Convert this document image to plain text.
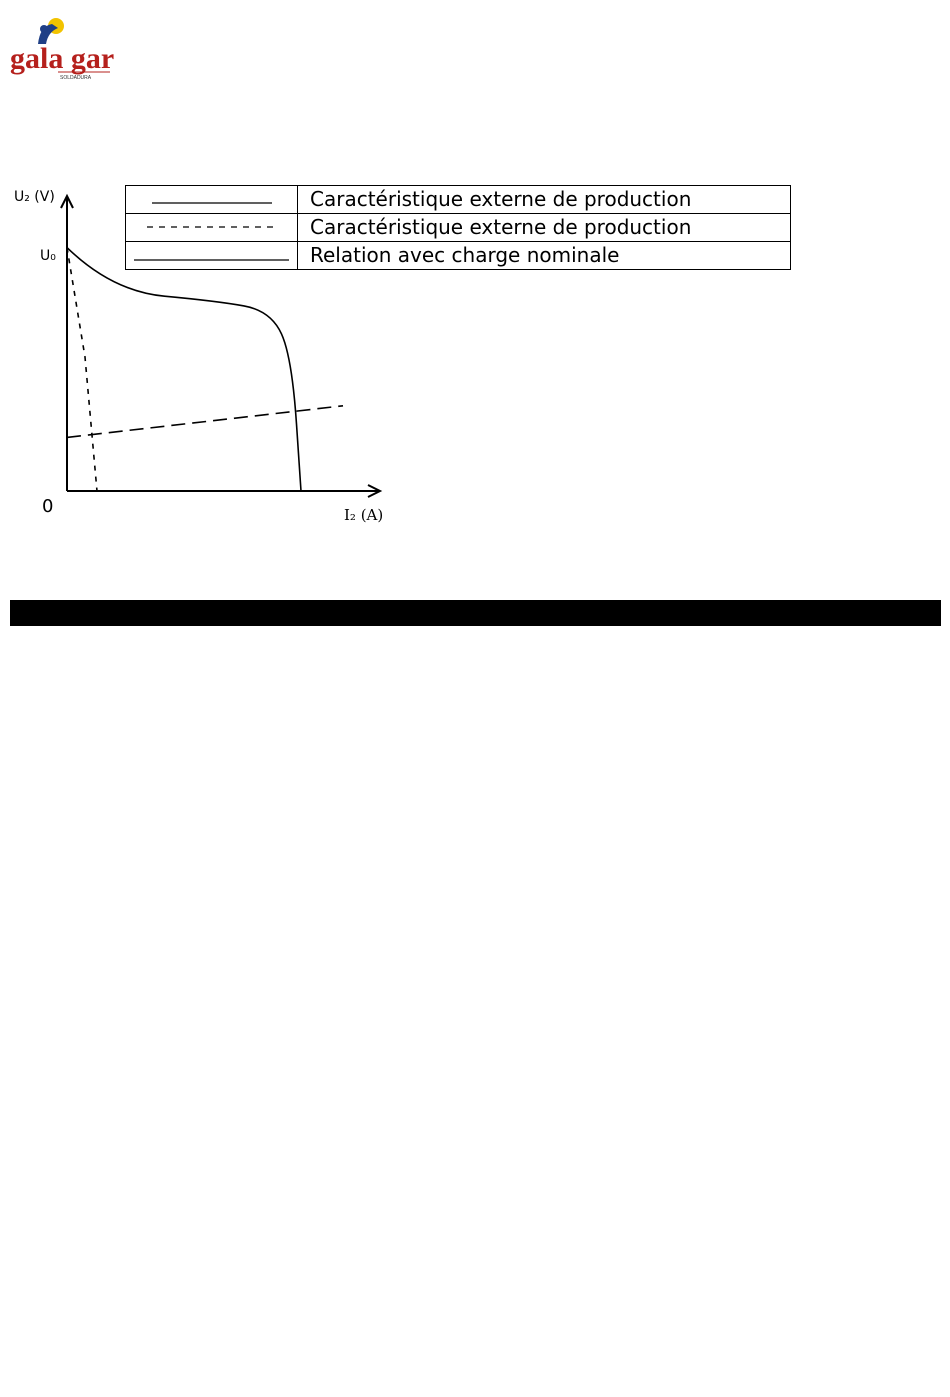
gala gar
SOLDADURA
U₂ (V)
U₀
0	I₂ (A)
	Caractéristique externe de production
	Caractéristique externe de production
	Relation avec charge nominale
